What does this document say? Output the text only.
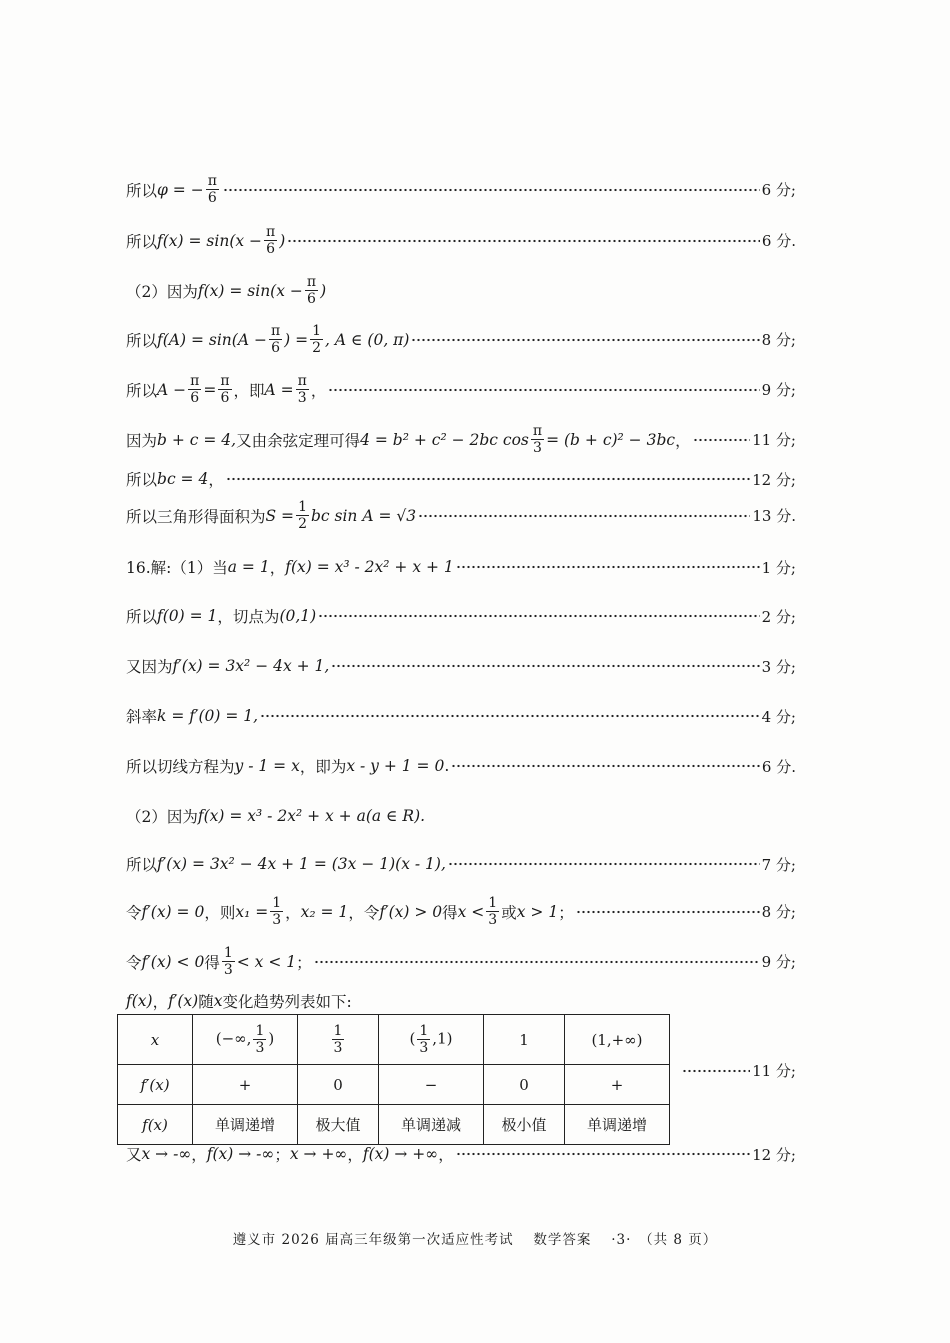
所以 φ = − $\frac{\pi}{6}$	6 分;
所以 $f(x) = \sin(x - \frac{\pi}{6}$ )	6 分.
（2）因为 $f(x) = \sin(x - \frac{\pi}{6}$ )
所以 $f(A) = \sin(A - \frac{\pi}{6}$ ) = $\frac{1}{2}$ , A ∈ (0, π)	8 分;
所以 $A - \frac{\pi}{6} = \frac{\pi}{6}$ ，即 $A = \frac{\pi}{3}$ ，	9 分;
因为 b + c = 4, 又由余弦定理可得 4 = b² + c² − 2bc $\cos \frac{\pi}{3} = (b + c)^2 - 3bc$ ，	11 分;
所以 bc = 4 ，	12 分;
所以三角形得面积为 $S = \frac{1}{2}$ bc sin A = √3	13 分.
16.解:（1）当 a = 1 ， f(x) = x³ - 2x² + x + 1	1 分;
所以 f(0) = 1 ，切点为 (0,1)	2 分;
又因为 f′(x) = 3x² − 4x + 1,	3 分;
斜率 k = f′(0) = 1,	4 分;
所以切线方程为 y - 1 = x ，即为 x - y + 1 = 0 .	6 分.
（2）因为 f(x) = x³ - 2x² + x + a(a ∈ R).
所以 f′(x) = 3x² − 4x + 1 = (3x − 1)(x - 1),	7 分;
令 f′(x) = 0 ，则 $x_1 = \frac{1}{3}$ ， x₂ = 1 ，令 f′(x) > 0 得 $x < \frac{1}{3}$ 或 x > 1 ；	8 分;
令 f′(x) < 0 得 $\frac{1}{3} < x < 1$ ；	9 分;
f(x) ， f′(x) 随 x 变化趋势列表如下:
x	(−∞, $\frac{1}{3}$ )	$\frac{1}{3}$	( $\frac{1}{3} ,1$)	1	(1,+∞)
f′(x)	+	0	−	0	+
f(x)	单调递增	极大值	单调递减	极小值	单调递增
11 分;
又 x → -∞ ， f(x) → -∞ ； x → +∞ ， f(x) → +∞ ，	12 分;
遵义市 2026 届高三年级第一次适应性考试　 数学答案　 ·3·　（共 8 页）
